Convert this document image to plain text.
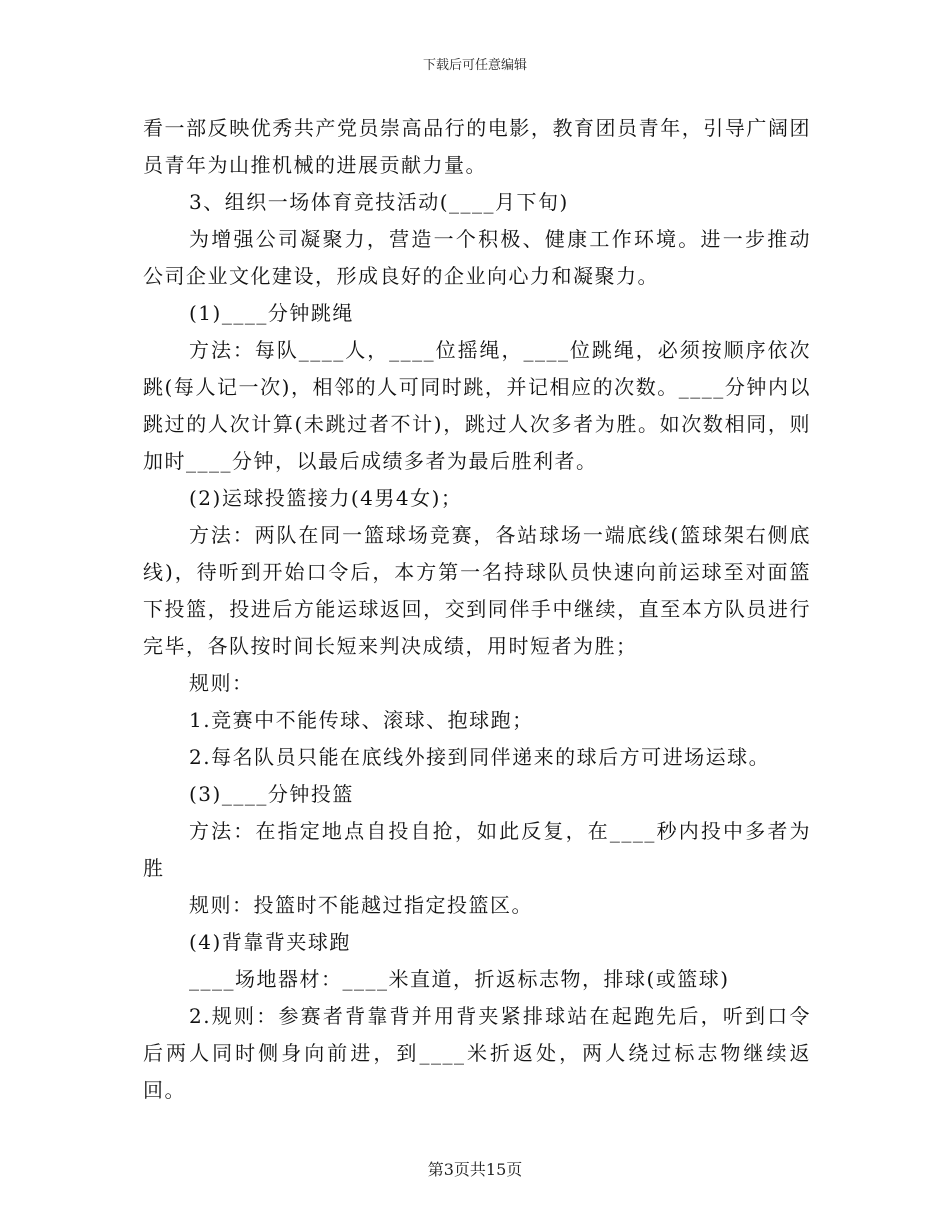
下载后可任意编辑

看一部反映优秀共产党员崇高品行的电影，教育团员青年，引导广阔团员青年为山推机械的进展贡献力量。

3、组织一场体育竞技活动(____月下旬)

为增强公司凝聚力，营造一个积极、健康工作环境。进一步推动公司企业文化建设，形成良好的企业向心力和凝聚力。

(1)____分钟跳绳

方法：每队____人，____位摇绳，____位跳绳，必须按顺序依次跳(每人记一次)，相邻的人可同时跳，并记相应的次数。____分钟内以跳过的人次计算(未跳过者不计)，跳过人次多者为胜。如次数相同，则加时____分钟，以最后成绩多者为最后胜利者。

(2)运球投篮接力(4男4女)；

方法：两队在同一篮球场竞赛，各站球场一端底线(篮球架右侧底线)，待听到开始口令后，本方第一名持球队员快速向前运球至对面篮下投篮，投进后方能运球返回，交到同伴手中继续，直至本方队员进行完毕，各队按时间长短来判决成绩，用时短者为胜；

规则：

1.竞赛中不能传球、滚球、抱球跑；

2.每名队员只能在底线外接到同伴递来的球后方可进场运球。

(3)____分钟投篮

方法：在指定地点自投自抢，如此反复，在____秒内投中多者为胜

规则：投篮时不能越过指定投篮区。

(4)背靠背夹球跑

____场地器材：____米直道，折返标志物，排球(或篮球)

2.规则：参赛者背靠背并用背夹紧排球站在起跑先后，听到口令后两人同时侧身向前进，到____米折返处，两人绕过标志物继续返回。

第3页共15页
